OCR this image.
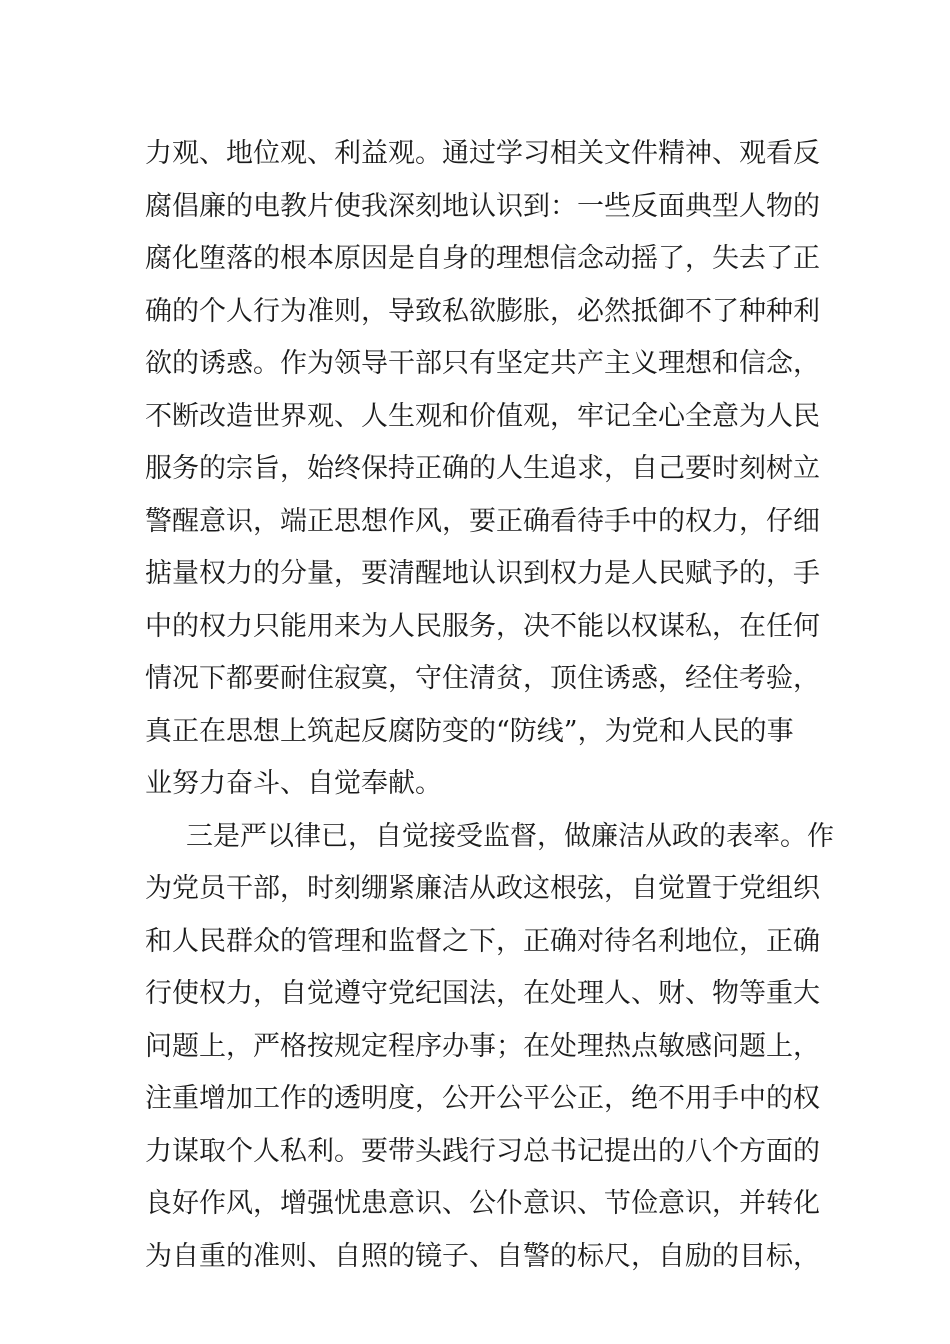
力观、地位观、利益观。通过学习相关文件精神、观看反
腐倡廉的电教片使我深刻地认识到：一些反面典型人物的
腐化堕落的根本原因是自身的理想信念动摇了，失去了正
确的个人行为准则，导致私欲膨胀，必然抵御不了种种利
欲的诱惑。作为领导干部只有坚定共产主义理想和信念，
不断改造世界观、人生观和价值观，牢记全心全意为人民
服务的宗旨，始终保持正确的人生追求，自己要时刻树立
警醒意识，端正思想作风，要正确看待手中的权力，仔细
掂量权力的分量，要清醒地认识到权力是人民赋予的，手
中的权力只能用来为人民服务，决不能以权谋私，在任何
情况下都要耐住寂寞，守住清贫，顶住诱惑，经住考验，
真正在思想上筑起反腐防变的“防线”，为党和人民的事
业努力奋斗、自觉奉献。
三是严以律已，自觉接受监督，做廉洁从政的表率。作
为党员干部，时刻绷紧廉洁从政这根弦，自觉置于党组织
和人民群众的管理和监督之下，正确对待名利地位，正确
行使权力，自觉遵守党纪国法，在处理人、财、物等重大
问题上，严格按规定程序办事；在处理热点敏感问题上，
注重增加工作的透明度，公开公平公正，绝不用手中的权
力谋取个人私利。要带头践行习总书记提出的八个方面的
良好作风，增强忧患意识、公仆意识、节俭意识，并转化
为自重的准则、自照的镜子、自警的标尺，自励的目标，
